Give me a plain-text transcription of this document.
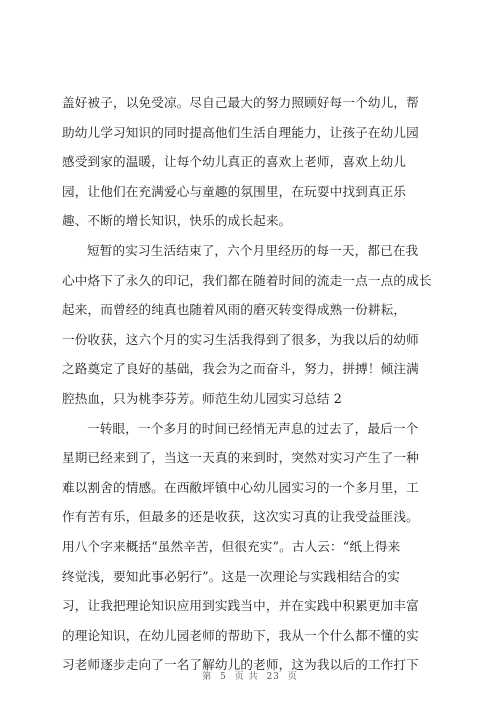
盖好被子，以免受凉。尽自己最大的努力照顾好每一个幼儿，帮
助幼儿学习知识的同时提高他们生活自理能力，让孩子在幼儿园
感受到家的温暖，让每个幼儿真正的喜欢上老师，喜欢上幼儿
园，让他们在充满爱心与童趣的氛围里，在玩耍中找到真正乐
趣、不断的增长知识，快乐的成长起来。
短暂的实习生活结束了，六个月里经历的每一天，都已在我
心中烙下了永久的印记，我们都在随着时间的流走一点一点的成长
起来，而曾经的纯真也随着风雨的磨灭转变得成熟一份耕耘，
一份收获，这六个月的实习生活我得到了很多，为我以后的幼师
之路奠定了良好的基础，我会为之而奋斗，努力，拼搏！倾注满
腔热血，只为桃李芬芳。师范生幼儿园实习总结 2
一转眼，一个多月的时间已经悄无声息的过去了，最后一个
星期已经来到了，当这一天真的来到时，突然对实习产生了一种
难以割舍的情感。在西敝坪镇中心幼儿园实习的一个多月里，工
作有苦有乐，但最多的还是收获，这次实习真的让我受益匪浅。
用八个字来概括“虽然辛苦，但很充实”。古人云：“纸上得来
终觉浅，要知此事必躬行”。这是一次理论与实践相结合的实
习，让我把理论知识应用到实践当中，并在实践中积累更加丰富
的理论知识，在幼儿园老师的帮助下，我从一个什么都不懂的实
习老师逐步走向了一名了解幼儿的老师，这为我以后的工作打下
第 5 页 共 23 页
